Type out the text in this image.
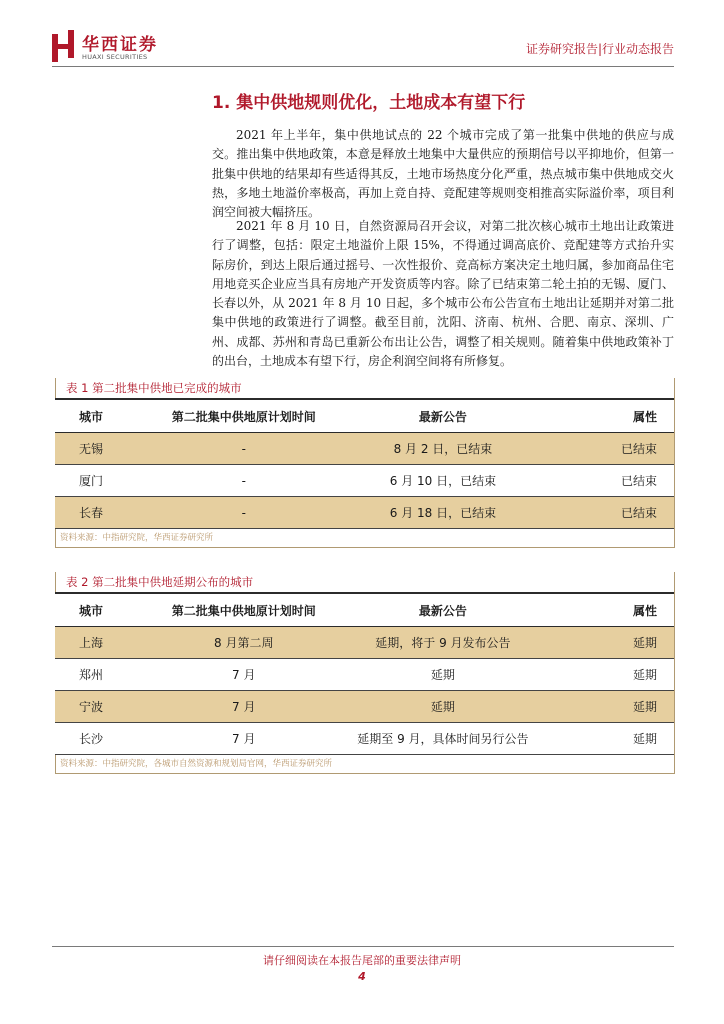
华西证券
HUAXI SECURITIES
证券研究报告|行业动态报告
1. 集中供地规则优化，土地成本有望下行

2021 年上半年，集中供地试点的 22 个城市完成了第一批集中供地的供应与成交。推出集中供地政策，本意是释放土地集中大量供应的预期信号以平抑地价，但第一批集中供地的结果却有些适得其反，土地市场热度分化严重，热点城市集中供地成交火热，多地土地溢价率极高，再加上竞自持、竞配建等规则变相推高实际溢价率，项目利润空间被大幅挤压。

2021 年 8 月 10 日，自然资源局召开会议，对第二批次核心城市土地出让政策进行了调整，包括：限定土地溢价上限 15%，不得通过调高底价、竞配建等方式抬升实际房价，到达上限后通过摇号、一次性报价、竞高标方案决定土地归属，参加商品住宅用地竞买企业应当具有房地产开发资质等内容。除了已结束第二轮土拍的无锡、厦门、长春以外，从 2021 年 8 月 10 日起，多个城市公布公告宣布土地出让延期并对第二批集中供地的政策进行了调整。截至目前，沈阳、济南、杭州、合肥、南京、深圳、广州、成都、苏州和青岛已重新公布出让公告，调整了相关规则。随着集中供地政策补丁的出台，土地成本有望下行，房企利润空间将有所修复。

表 1 第二批集中供地已完成的城市
城市	第二批集中供地原计划时间	最新公告	属性
无锡	-	8 月 2 日，已结束	已结束
厦门	-	6 月 10 日，已结束	已结束
长春	-	6 月 18 日，已结束	已结束
资料来源：中指研究院，华西证券研究所
表 2 第二批集中供地延期公布的城市
城市	第二批集中供地原计划时间	最新公告	属性
上海	8 月第二周	延期，将于 9 月发布公告	延期
郑州	7 月	延期	延期
宁波	7 月	延期	延期
长沙	7 月	延期至 9 月，具体时间另行公告	延期
资料来源：中指研究院，各城市自然资源和规划局官网，华西证券研究所
请仔细阅读在本报告尾部的重要法律声明
4
